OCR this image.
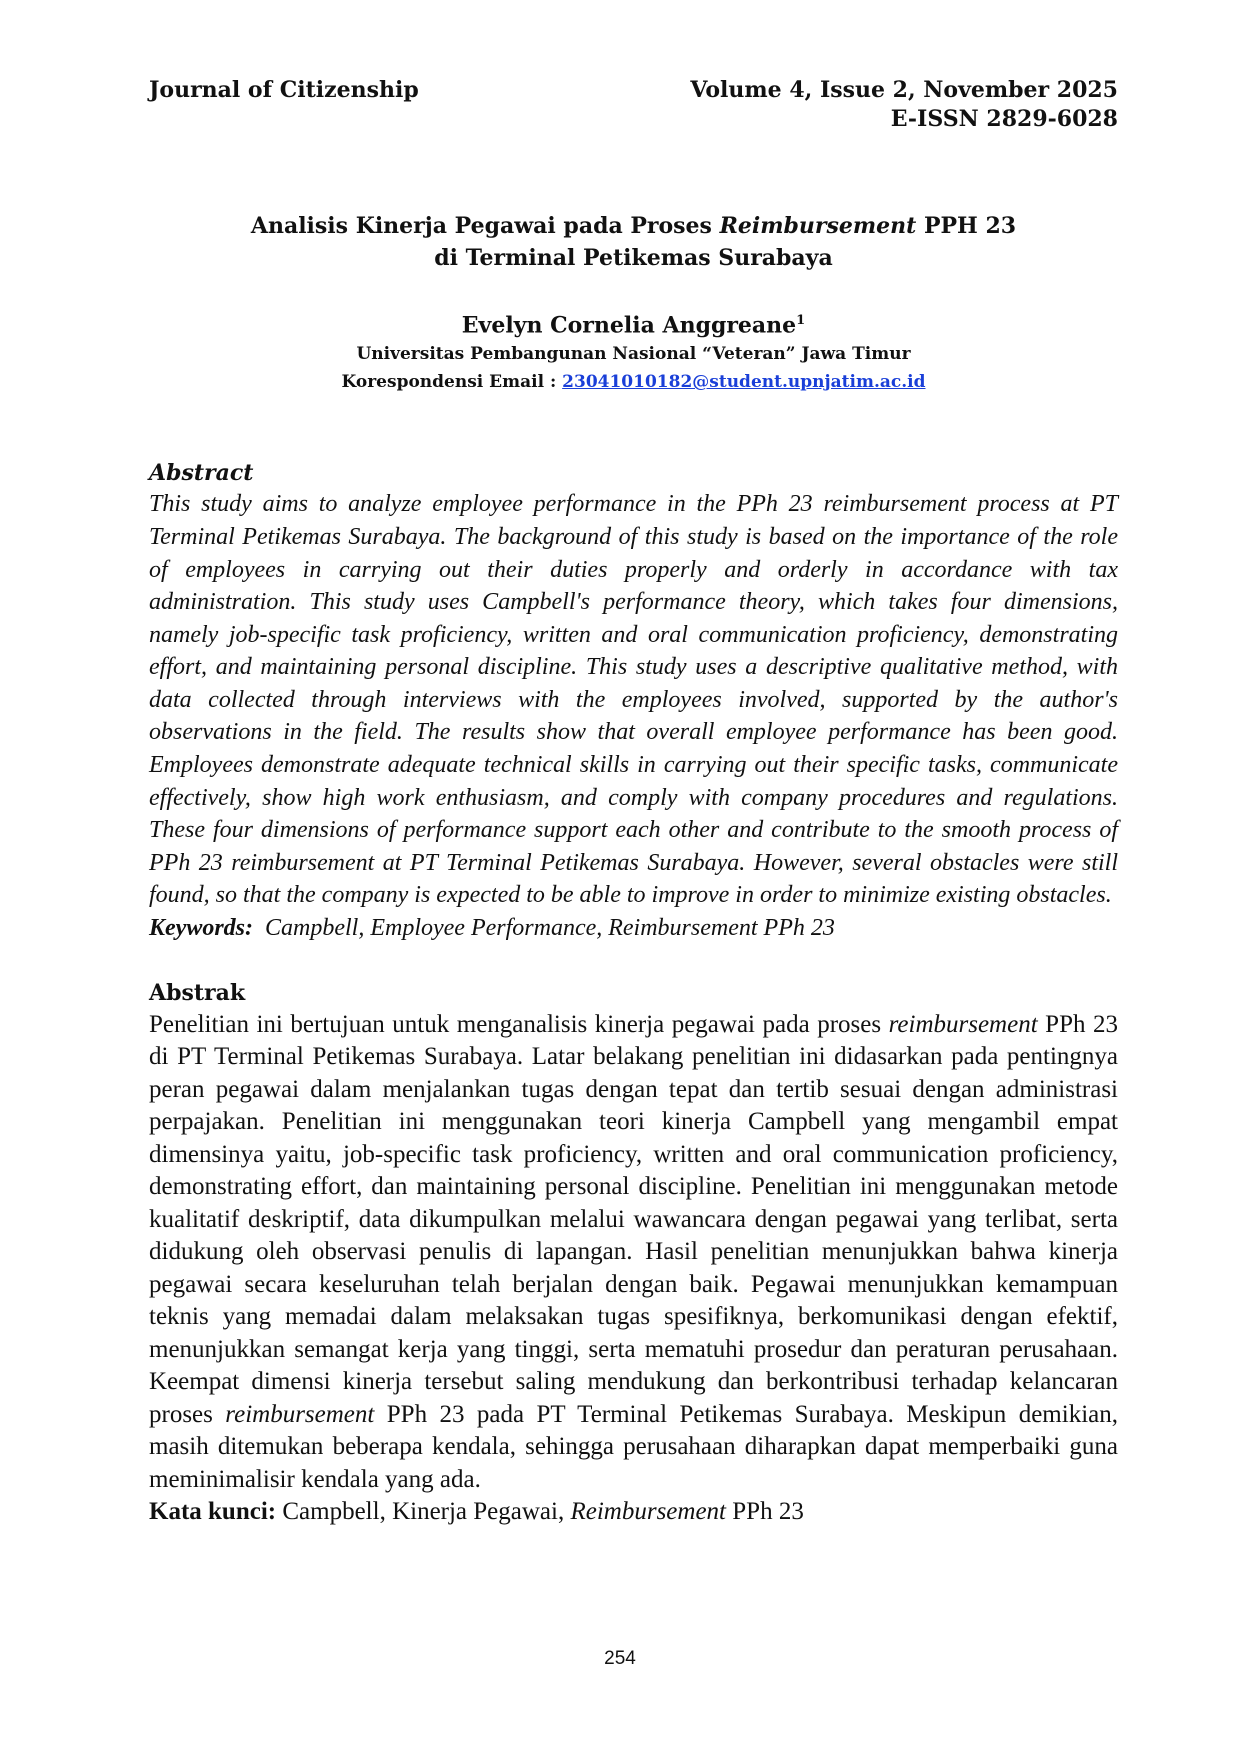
Journal of Citizenship	Volume 4, Issue 2, November 2025
E-ISSN 2829-6028
Analisis Kinerja Pegawai pada Proses Reimbursement PPH 23
di Terminal Petikemas Surabaya
Evelyn Cornelia Anggreane$^1$
Universitas Pembangunan Nasional “Veteran” Jawa Timur
Korespondensi Email : 23041010182@student.upnjatim.ac.id
Abstract

This study aims to analyze employee performance in the PPh 23 reimbursement process at PT Terminal Petikemas Surabaya. The background of this study is based on the importance of the role of employees in carrying out their duties properly and orderly in accordance with tax administration. This study uses Campbell's performance theory, which takes four dimensions, namely job-specific task proficiency, written and oral communication proficiency, demonstrating effort, and maintaining personal discipline. This study uses a descriptive qualitative method, with data collected through interviews with the employees involved, supported by the author's observations in the field. The results show that overall employee performance has been good. Employees demonstrate adequate technical skills in carrying out their specific tasks, communicate effectively, show high work enthusiasm, and comply with company procedures and regulations. These four dimensions of performance support each other and contribute to the smooth process of PPh 23 reimbursement at PT Terminal Petikemas Surabaya. However, several obstacles were still found, so that the company is expected to be able to improve in order to minimize existing obstacles.

Keywords: Campbell, Employee Performance, Reimbursement PPh 23
Abstrak

Penelitian ini bertujuan untuk menganalisis kinerja pegawai pada proses reimbursement PPh 23 di PT Terminal Petikemas Surabaya. Latar belakang penelitian ini didasarkan pada pentingnya peran pegawai dalam menjalankan tugas dengan tepat dan tertib sesuai dengan administrasi perpajakan. Penelitian ini menggunakan teori kinerja Campbell yang mengambil empat dimensinya yaitu, job-specific task proficiency, written and oral communication proficiency, demonstrating effort, dan maintaining personal discipline. Penelitian ini menggunakan metode kualitatif deskriptif, data dikumpulkan melalui wawancara dengan pegawai yang terlibat, serta didukung oleh observasi penulis di lapangan. Hasil penelitian menunjukkan bahwa kinerja pegawai secara keseluruhan telah berjalan dengan baik. Pegawai menunjukkan kemampuan teknis yang memadai dalam melaksakan tugas spesifiknya, berkomunikasi dengan efektif, menunjukkan semangat kerja yang tinggi, serta mematuhi prosedur dan peraturan perusahaan. Keempat dimensi kinerja tersebut saling mendukung dan berkontribusi terhadap kelancaran proses reimbursement PPh 23 pada PT Terminal Petikemas Surabaya. Meskipun demikian, masih ditemukan beberapa kendala, sehingga perusahaan diharapkan dapat memperbaiki guna meminimalisir kendala yang ada.

Kata kunci: Campbell, Kinerja Pegawai, Reimbursement PPh 23
254
